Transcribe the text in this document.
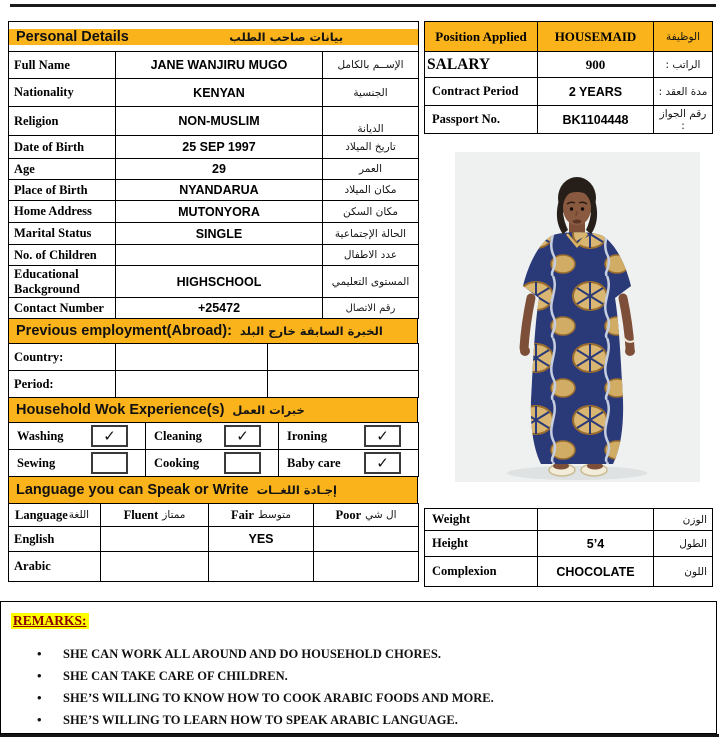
Personal Details بيانات صاحب الطلب		

Full Name	JANE WANJIRU MUGO	الإســم بالكامل
Nationality	KENYAN	الجنسية
Religion	NON-MUSLIM	الديانة
Date of Birth	25 SEP 1997	تاريخ الميلاد
Age	29	العمر
Place of Birth	NYANDARUA	مكان الميلاد
Home Address	MUTONYORA	مكان السكن
Marital Status	SINGLE	الحالة الإجتماعية
No. of Children		عدد الاطفال
Educational Background	HIGHSCHOOL	المستوى التعليمي
Contact Number	+25472	رقم الاتصال
Previous employment(Abroad): الخبرة السابقة خارج البلد
Country:		
Period:		
Household Wok Experience(s) خبرات العمل
Washing ✓	Cleaning ✓	Ironing ✓

Sewing	Cooking	Baby care ✓
Language you can Speak or Write إجـادة اللغــات
Language اللغة	Fluent ممتاز	Fair متوسط	Poor ال شي

English		YES	
Arabic			
Position Applied	HOUSEMAID	الوظيفة
SALARY	900	الراتب :
Contract Period	2 YEARS	مدة العقد :
Passport No.	BK1104448	رقم الجواز :
Weight		الوزن
Height	5’4	الطول
Complexion	CHOCOLATE	اللون
REMARKS:
• SHE CAN WORK ALL AROUND AND DO HOUSEHOLD CHORES.
• SHE CAN TAKE CARE OF CHILDREN.
• SHE’S WILLING TO KNOW HOW TO COOK ARABIC FOODS AND MORE.
• SHE’S WILLING TO LEARN HOW TO SPEAK ARABIC LANGUAGE.
